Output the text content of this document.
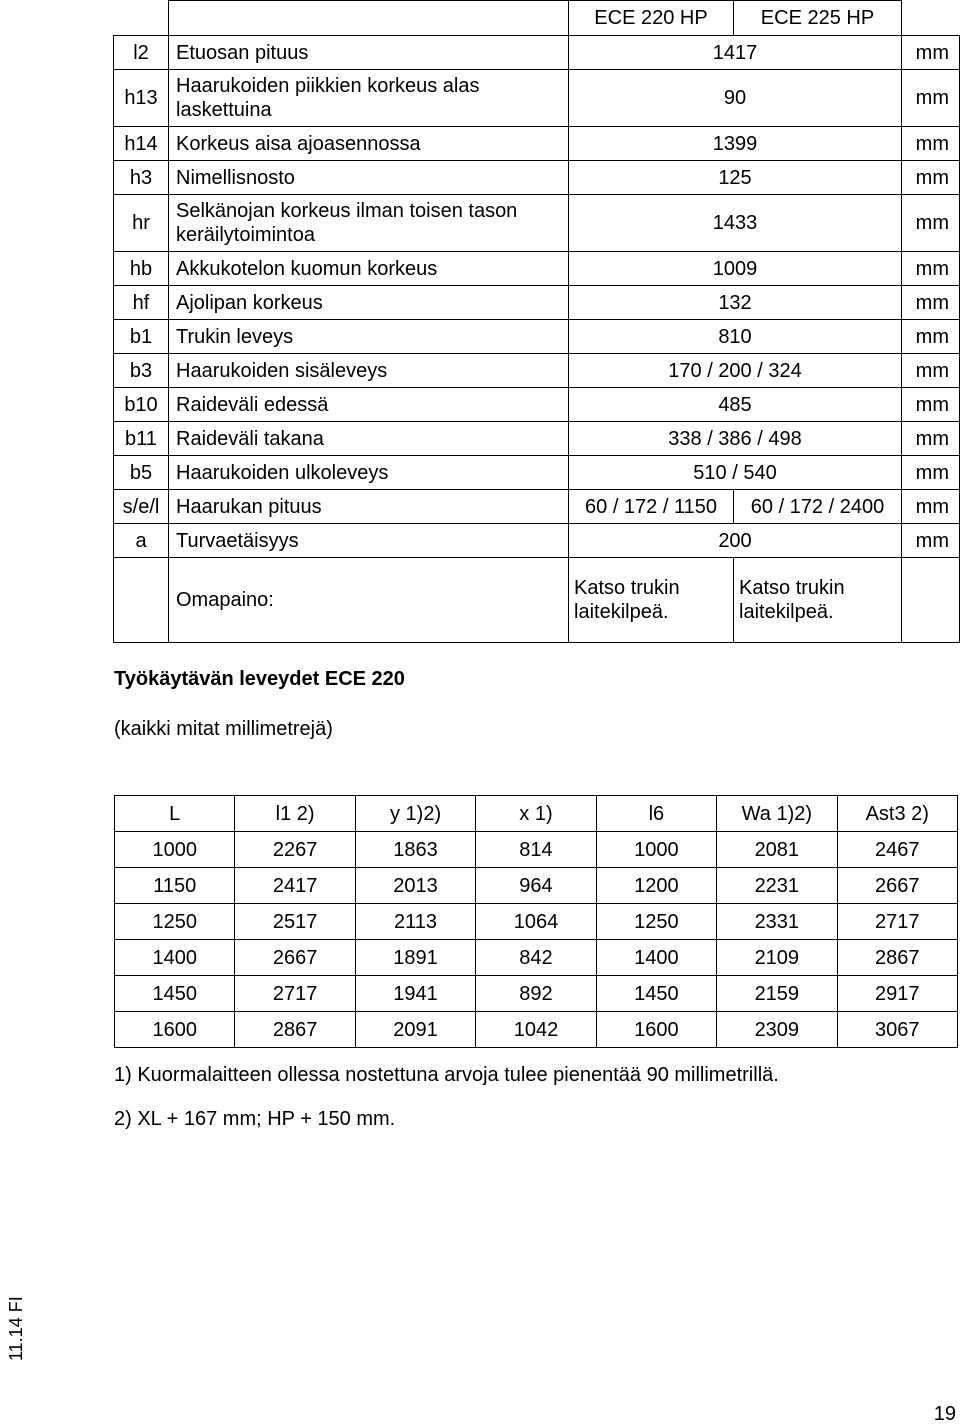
		ECE 220 HP	ECE 225 HP	
l2	Etuosan pituus	1417		mm
h13	Haarukoiden piikkien korkeus alas laskettuina	90		mm
h14	Korkeus aisa ajoasennossa	1399		mm
h3	Nimellisnosto	125		mm
hr	Selkänojan korkeus ilman toisen tason keräilytoimintoa	1433		mm
hb	Akkukotelon kuomun korkeus	1009		mm
hf	Ajolipan korkeus	132		mm
b1	Trukin leveys	810		mm
b3	Haarukoiden sisäleveys	170 / 200 / 324		mm
b10	Raideväli edessä	485		mm
b11	Raideväli takana	338 / 386 / 498		mm
b5	Haarukoiden ulkoleveys	510 / 540		mm
s/e/l	Haarukan pituus	60 / 172 / 1150	60 / 172 / 2400	mm
a	Turvaetäisyys	200		mm
	Omapaino:	Katso trukin laitekilpeä.	Katso trukin laitekilpeä.	
Työkäytävän leveydet ECE 220
(kaikki mitat millimetrejä)
L	l1 2)	y 1)2)	x 1)	l6	Wa 1)2)	Ast3 2)
1000	2267	1863	814	1000	2081	2467
1150	2417	2013	964	1200	2231	2667
1250	2517	2113	1064	1250	2331	2717
1400	2667	1891	842	1400	2109	2867
1450	2717	1941	892	1450	2159	2917
1600	2867	2091	1042	1600	2309	3067
1) Kuormalaitteen ollessa nostettuna arvoja tulee pienentää 90 millimetrillä.
2) XL + 167 mm; HP + 150 mm.
11.14 FI
19
